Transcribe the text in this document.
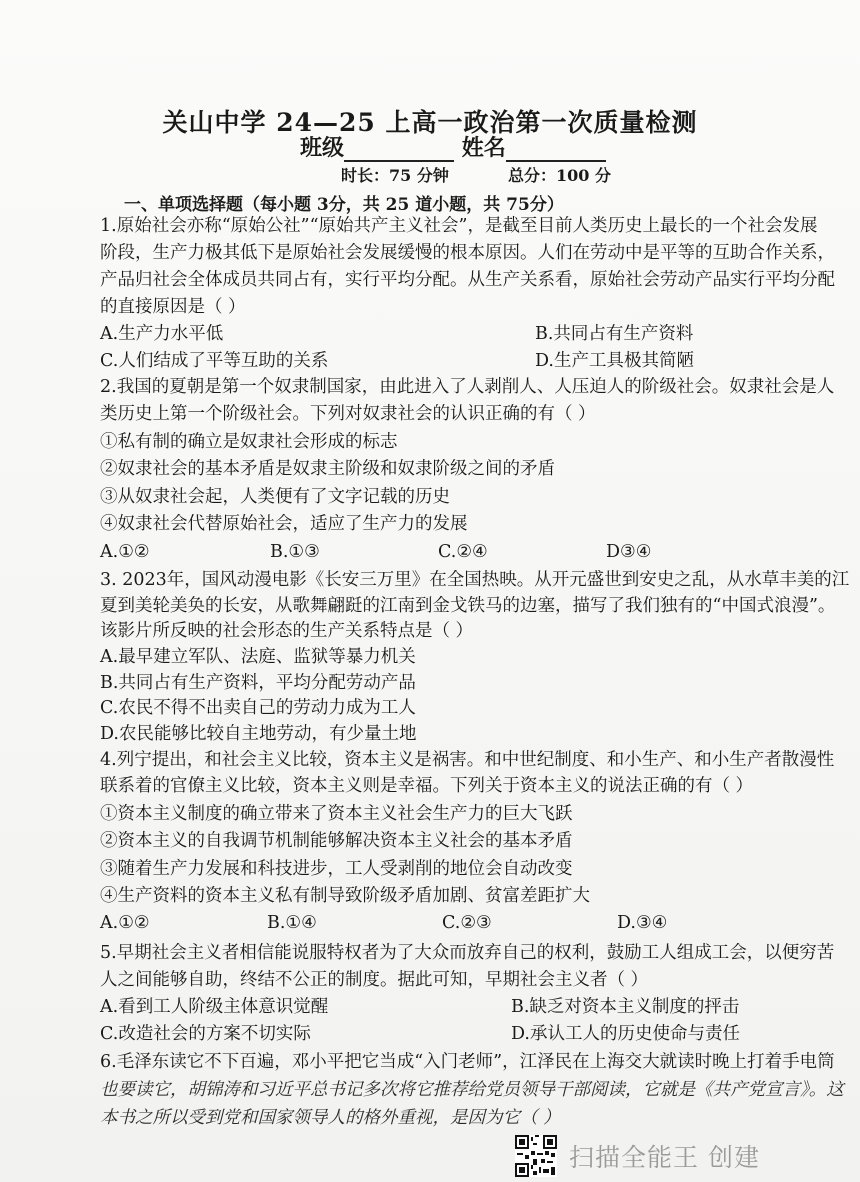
关山中学 24—25 上高一政治第一次质量检测
班级	姓名
时长：75 分钟	总分：100 分
一、单项选择题（每小题 3分，共 25 道小题，共 75分）
1.原始社会亦称“原始公社”“原始共产主义社会”，是截至目前人类历史上最长的一个社会发展
阶段，生产力极其低下是原始社会发展缓慢的根本原因。人们在劳动中是平等的互助合作关系，
产品归社会全体成员共同占有，实行平均分配。从生产关系看，原始社会劳动产品实行平均分配
的直接原因是（ ）
A.生产力水平低	B.共同占有生产资料
C.人们结成了平等互助的关系	D.生产工具极其简陋
2.我国的夏朝是第一个奴隶制国家，由此进入了人剥削人、人压迫人的阶级社会。奴隶社会是人
类历史上第一个阶级社会。下列对奴隶社会的认识正确的有（ ）
①私有制的确立是奴隶社会形成的标志
②奴隶社会的基本矛盾是奴隶主阶级和奴隶阶级之间的矛盾
③从奴隶社会起，人类便有了文字记载的历史
④奴隶社会代替原始社会，适应了生产力的发展
A.①②	B.①③	C.②④	D③④
3. 2023年，国风动漫电影《长安三万里》在全国热映。从开元盛世到安史之乱，从水草丰美的江
夏到美轮美奂的长安，从歌舞翩跹的江南到金戈铁马的边塞，描写了我们独有的“中国式浪漫”。
该影片所反映的社会形态的生产关系特点是（ ）
A.最早建立军队、法庭、监狱等暴力机关
B.共同占有生产资料，平均分配劳动产品
C.农民不得不出卖自己的劳动力成为工人
D.农民能够比较自主地劳动，有少量土地
4.列宁提出，和社会主义比较，资本主义是祸害。和中世纪制度、和小生产、和小生产者散漫性
联系着的官僚主义比较，资本主义则是幸福。下列关于资本主义的说法正确的有（ ）
①资本主义制度的确立带来了资本主义社会生产力的巨大飞跃
②资本主义的自我调节机制能够解决资本主义社会的基本矛盾
③随着生产力发展和科技进步，工人受剥削的地位会自动改变
④生产资料的资本主义私有制导致阶级矛盾加剧、贫富差距扩大
A.①②	B.①④	C.②③	D.③④
5.早期社会主义者相信能说服特权者为了大众而放弃自己的权利，鼓励工人组成工会，以便穷苦
人之间能够自助，终结不公正的制度。据此可知，早期社会主义者（ ）
A.看到工人阶级主体意识觉醒	B.缺乏对资本主义制度的抨击
C.改造社会的方案不切实际	D.承认工人的历史使命与责任
6.毛泽东读它不下百遍，邓小平把它当成“入门老师”，江泽民在上海交大就读时晚上打着手电筒
也要读它，胡锦涛和习近平总书记多次将它推荐给党员领导干部阅读，它就是《共产党宣言》。这
本书之所以受到党和国家领导人的格外重视，是因为它（ ）
扫描全能王 创建
